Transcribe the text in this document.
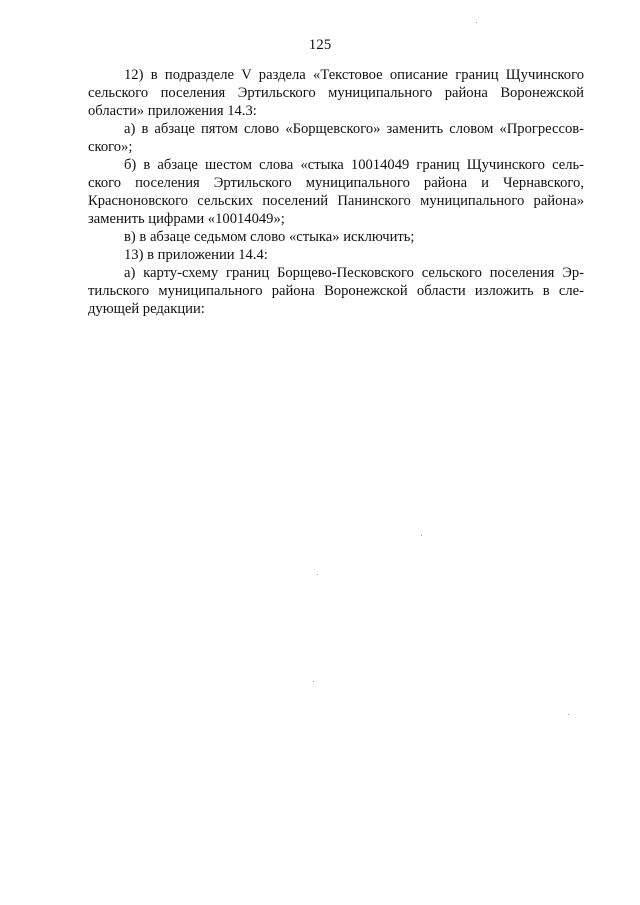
125

12) в подразделе V раздела «Текстовое описание границ Щучинского
сельского поселения Эртильского муниципального района Воронежской
области» приложения 14.3:

а) в абзаце пятом слово «Борщевского» заменить словом «Прогрессов-
ского»;

б) в абзаце шестом слова «стыка 10014049 границ Щучинского сель-
ского поселения Эртильского муниципального района и Чернавского,
Красноновского сельских поселений Панинского муниципального района»
заменить цифрами «10014049»;

в) в абзаце седьмом слово «стыка» исключить;

13) в приложении 14.4:

а) карту-схему границ Борщево-Песковского сельского поселения Эр-
тильского муниципального района Воронежской области изложить в сле-
дующей редакции:
